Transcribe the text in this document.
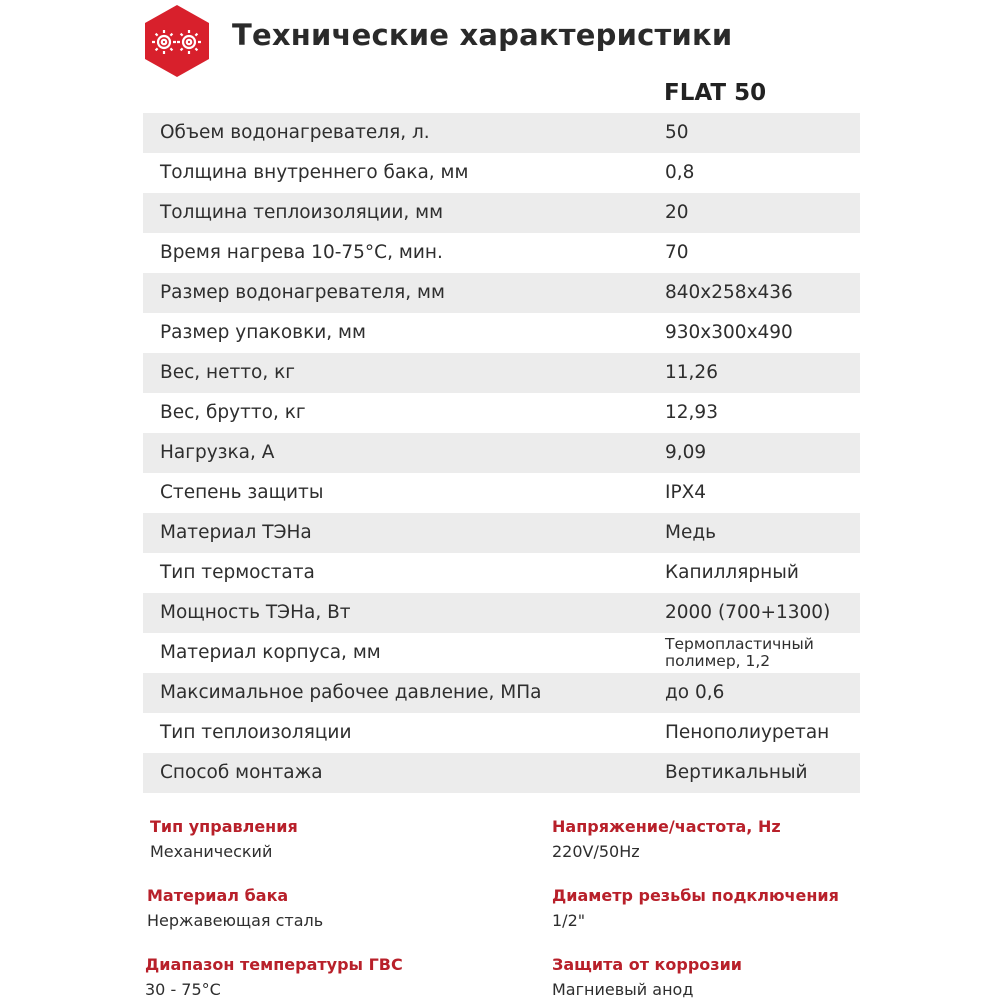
Технические характеристики
FLAT 50
Объем водонагревателя, л.	50
Толщина внутреннего бака, мм	0,8
Толщина теплоизоляции, мм	20
Время нагрева 10-75°С, мин.	70
Размер водонагревателя, мм	840x258x436
Размер упаковки, мм	930x300x490
Вес, нетто, кг	11,26
Вес, брутто, кг	12,93
Нагрузка, А	9,09
Степень защиты	IPX4
Материал ТЭНа	Медь
Тип термостата	Капиллярный
Мощность ТЭНа, Вт	2000 (700+1300)
Материал корпуса, мм	Термопластичный
полимер, 1,2
Максимальное рабочее давление, МПа	до 0,6
Тип теплоизоляции	Пенополиуретан
Способ монтажа	Вертикальный
Тип управления
Механический
Напряжение/частота, Hz
220V/50Hz
Материал бака
Нержавеющая сталь
Диаметр резьбы подключения
1/2"
Диапазон температуры ГВС
30 - 75°С
Защита от коррозии
Магниевый анод
